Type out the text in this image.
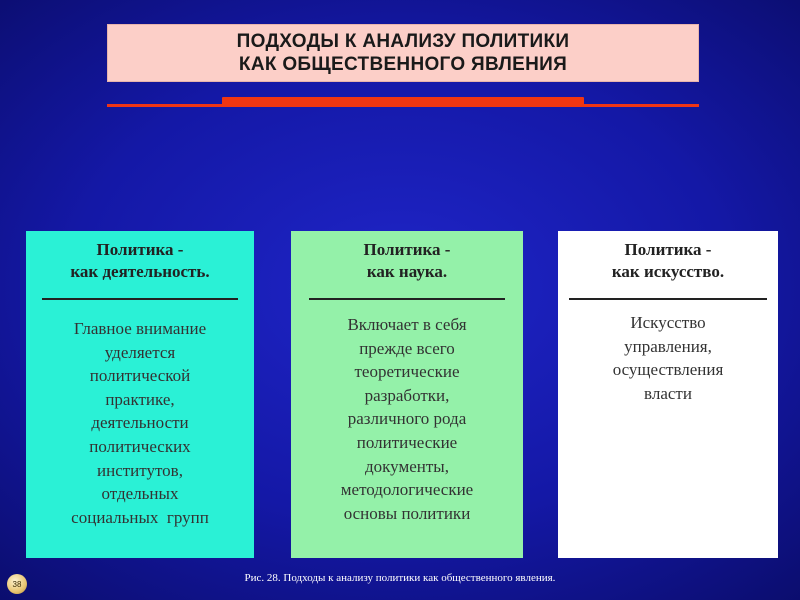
ПОДХОДЫ К АНАЛИЗУ ПОЛИТИКИ
КАК ОБЩЕСТВЕННОГО ЯВЛЕНИЯ
Политика -
как деятельность.
Главное внимание
уделяется
политической
практике,
деятельности
политических
институтов,
отдельных
социальных  групп
Политика -
как наука.
Включает в себя
прежде всего
теоретические
разработки,
различного рода
политические
документы,
методологические
основы политики
Политика -
как искусство.
Искусство
управления,
осуществления
власти
38	Рис. 28. Подходы к анализу политики как общественного явления.
